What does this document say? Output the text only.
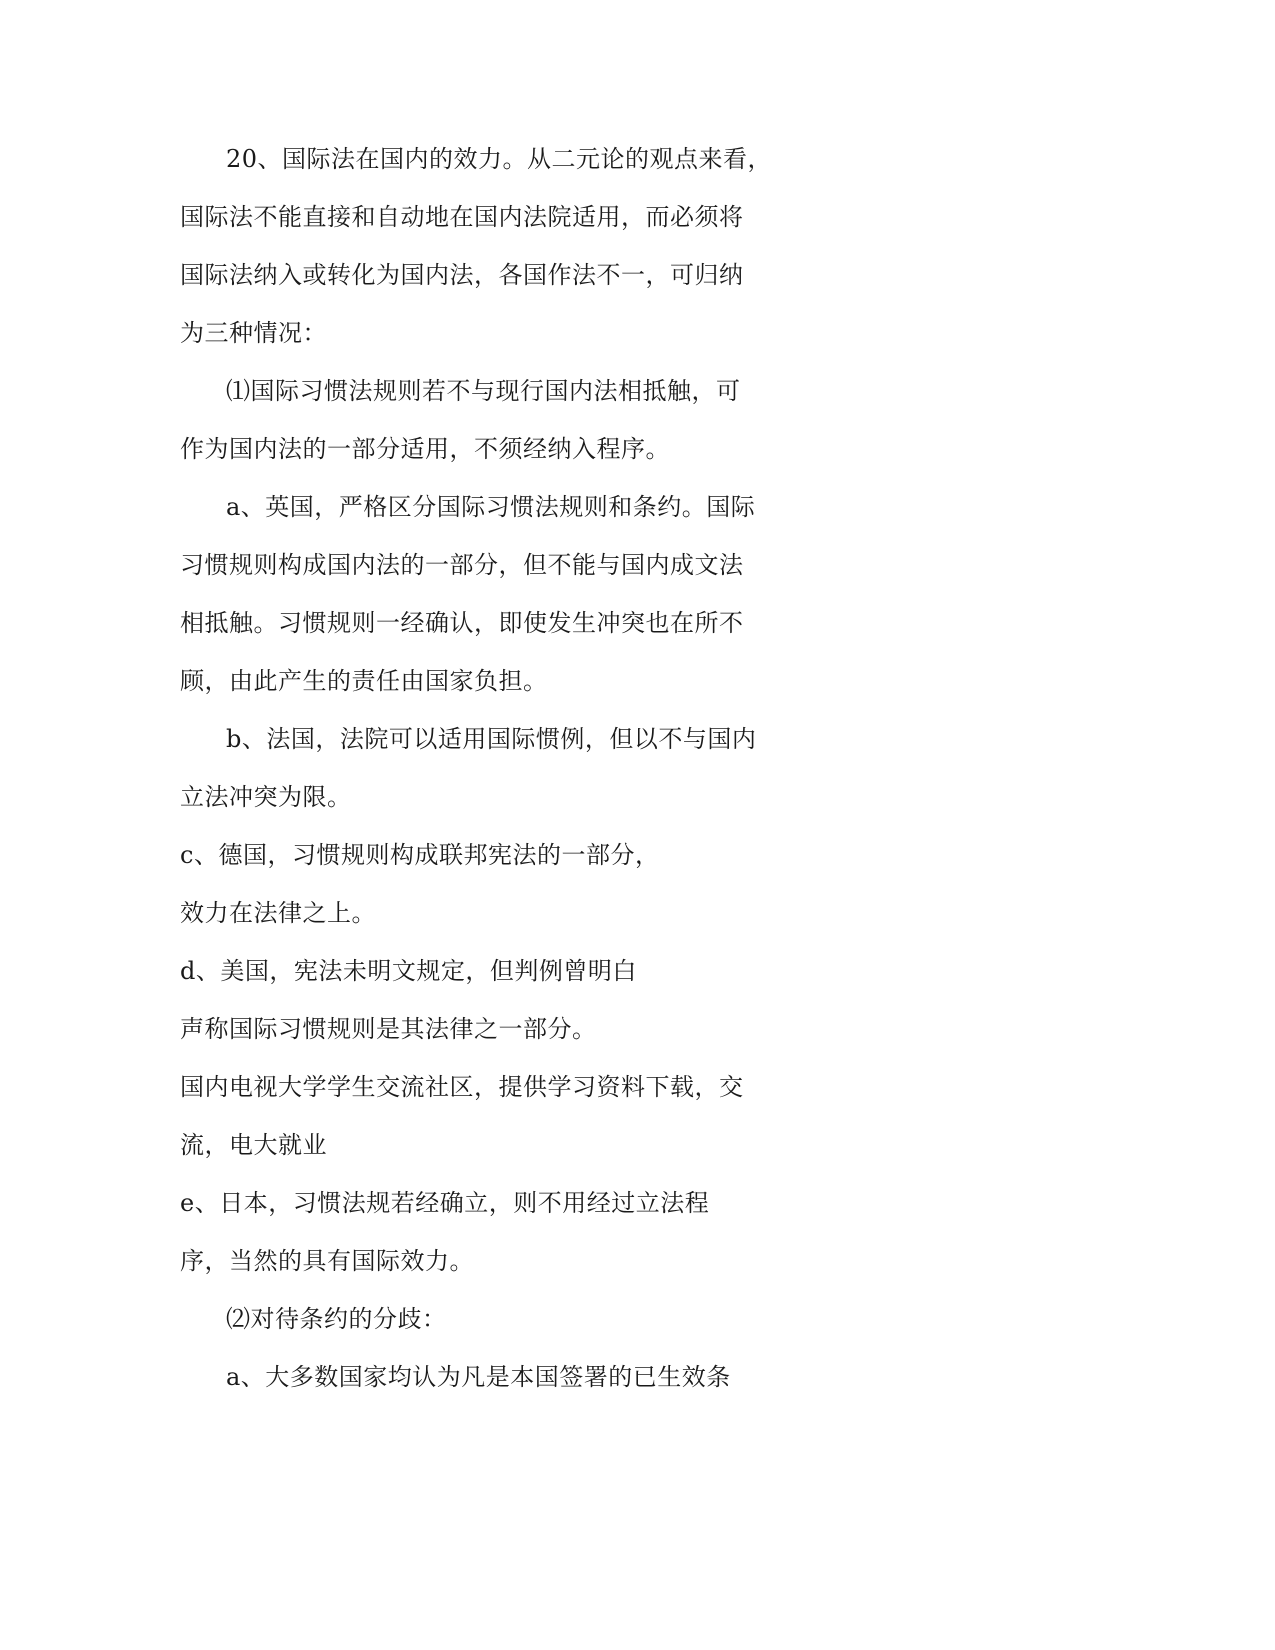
20、国际法在国内的效力。从二元论的观点来看，
国际法不能直接和自动地在国内法院适用，而必须将
国际法纳入或转化为国内法，各国作法不一，可归纳
为三种情况：
⑴国际习惯法规则若不与现行国内法相抵触，可
作为国内法的一部分适用，不须经纳入程序。
a、英国，严格区分国际习惯法规则和条约。国际
习惯规则构成国内法的一部分，但不能与国内成文法
相抵触。习惯规则一经确认，即使发生冲突也在所不
顾，由此产生的责任由国家负担。
b、法国，法院可以适用国际惯例，但以不与国内
立法冲突为限。
c、德国，习惯规则构成联邦宪法的一部分，
效力在法律之上。
d、美国，宪法未明文规定，但判例曾明白
声称国际习惯规则是其法律之一部分。
国内电视大学学生交流社区，提供学习资料下载，交
流，电大就业
e、日本，习惯法规若经确立，则不用经过立法程
序，当然的具有国际效力。
⑵对待条约的分歧：
a、大多数国家均认为凡是本国签署的已生效条
